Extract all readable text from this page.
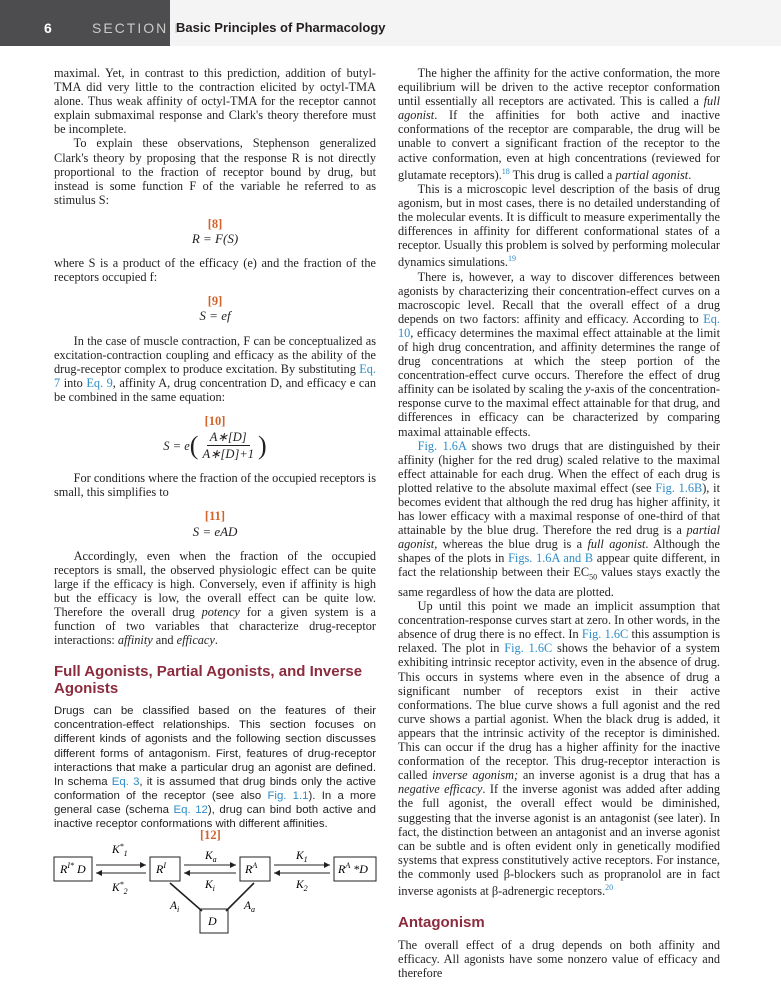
6	SECTION I
Basic Principles of Pharmacology

maximal. Yet, in contrast to this prediction, addition of butyl-TMA did very little to the contraction elicited by octyl-TMA alone. Thus weak affinity of octyl-TMA for the receptor cannot explain submaximal response and Clark's theory therefore must be incomplete.

To explain these observations, Stephenson generalized Clark's theory by proposing that the response R is not directly proportional to the fraction of receptor bound by drug, but instead is some function F of the variable he referred to as stimulus S:

[8]
R = F(S)

where S is a product of the efficacy (e) and the fraction of the receptors occupied f:

[9]
S = ef

In the case of muscle contraction, F can be conceptualized as excitation-contraction coupling and efficacy as the ability of the drug-receptor complex to produce excitation. By substituting Eq. 7 into Eq. 9, affinity A, drug concentration D, and efficacy e can be combined in the same equation:

[10]
S = e ( $\frac{A∗[D]}{A∗[D]+1}$ )

For conditions where the fraction of the occupied receptors is small, this simplifies to

[11]
S = eAD

Accordingly, even when the fraction of the occupied receptors is small, the observed physiologic effect can be quite large if the efficacy is high. Conversely, even if affinity is high but the efficacy is low, the overall effect can be quite low. Therefore the overall drug potency for a given system is a function of two variables that characterize drug-receptor interactions: affinity and efficacy.

Full Agonists, Partial Agonists, and Inverse Agonists

Drugs can be classified based on the features of their concentration-effect relationships. This section focuses on different kinds of agonists and the following section discusses different forms of antagonism. First, features of drug-receptor interactions that make a particular drug an agonist are defined. In schema Eq. 3, it is assumed that drug binds only the active conformation of the receptor (see also Fig. 1.1). In a more general case (schema Eq. 12), drug can bind both active and inactive receptor conformations with different affinities.

[12]
$R^{I*}$ D	$R^I$	$R^A$	$R^A$ *D
D
$K^*_1$
$K^*_2$
$K_a$
$K_i$
$K_1$
$K_2$
$A_i$	$A_a$

The higher the affinity for the active conformation, the more equilibrium will be driven to the active receptor conformation until essentially all receptors are activated. This is called a full agonist. If the affinities for both active and inactive conformations of the receptor are comparable, the drug will be unable to convert a significant fraction of the receptor to the active conformation, even at high concentrations (reviewed for glutamate receptors).$^{18}$ This drug is called a partial agonist.

This is a microscopic level description of the basis of drug agonism, but in most cases, there is no detailed understanding of the molecular events. It is difficult to measure experimentally the differences in affinity for different conformational states of a receptor. Usually this problem is solved by performing molecular dynamics simulations.$^{19}$

There is, however, a way to discover differences between agonists by characterizing their concentration-effect curves on a macroscopic level. Recall that the overall effect of a drug depends on two factors: affinity and efficacy. According to Eq. 10, efficacy determines the maximal effect attainable at the limit of high drug concentration, and affinity determines the range of drug concentrations at which the steep portion of the concentration-effect curve occurs. Therefore the effect of drug affinity can be isolated by scaling the y-axis of the concentration-response curve to the maximal effect attainable for that drug, and differences in efficacy can be characterized by comparing maximal attainable effects.

Fig. 1.6A shows two drugs that are distinguished by their affinity (higher for the red drug) scaled relative to the maximal effect attainable for each drug. When the effect of each drug is plotted relative to the absolute maximal effect (see Fig. 1.6B), it becomes evident that although the red drug has higher affinity, it has lower efficacy with a maximal response of one-third of that attainable by the blue drug. Therefore the red drug is a partial agonist, whereas the blue drug is a full agonist. Although the shapes of the plots in Figs. 1.6A and B appear quite different, in fact the relationship between their $EC_{50}$ values stays exactly the same regardless of how the data are plotted.

Up until this point we made an implicit assumption that concentration-response curves start at zero. In other words, in the absence of drug there is no effect. In Fig. 1.6C this assumption is relaxed. The plot in Fig. 1.6C shows the behavior of a system exhibiting intrinsic receptor activity, even in the absence of drug. This occurs in systems where even in the absence of drug a significant number of receptors exist in their active conformations. The blue curve shows a full agonist and the red curve shows a partial agonist. When the black drug is added, it appears that the intrinsic activity of the receptor is diminished. This can occur if the drug has a higher affinity for the inactive conformation of the receptor. This drug-receptor interaction is called inverse agonism; an inverse agonist is a drug that has a negative efficacy. If the inverse agonist was added after adding the full agonist, the overall effect would be diminished, suggesting that the inverse agonist is an antagonist (see later). In fact, the distinction between an antagonist and an inverse agonist can be subtle and is often evident only in genetically modified systems that express constitutively active receptors. For instance, the commonly used β-blockers such as propranolol are in fact inverse agonists at β-adrenergic receptors.$^{20}$

Antagonism

The overall effect of a drug depends on both affinity and efficacy. All agonists have some nonzero value of efficacy and therefore
